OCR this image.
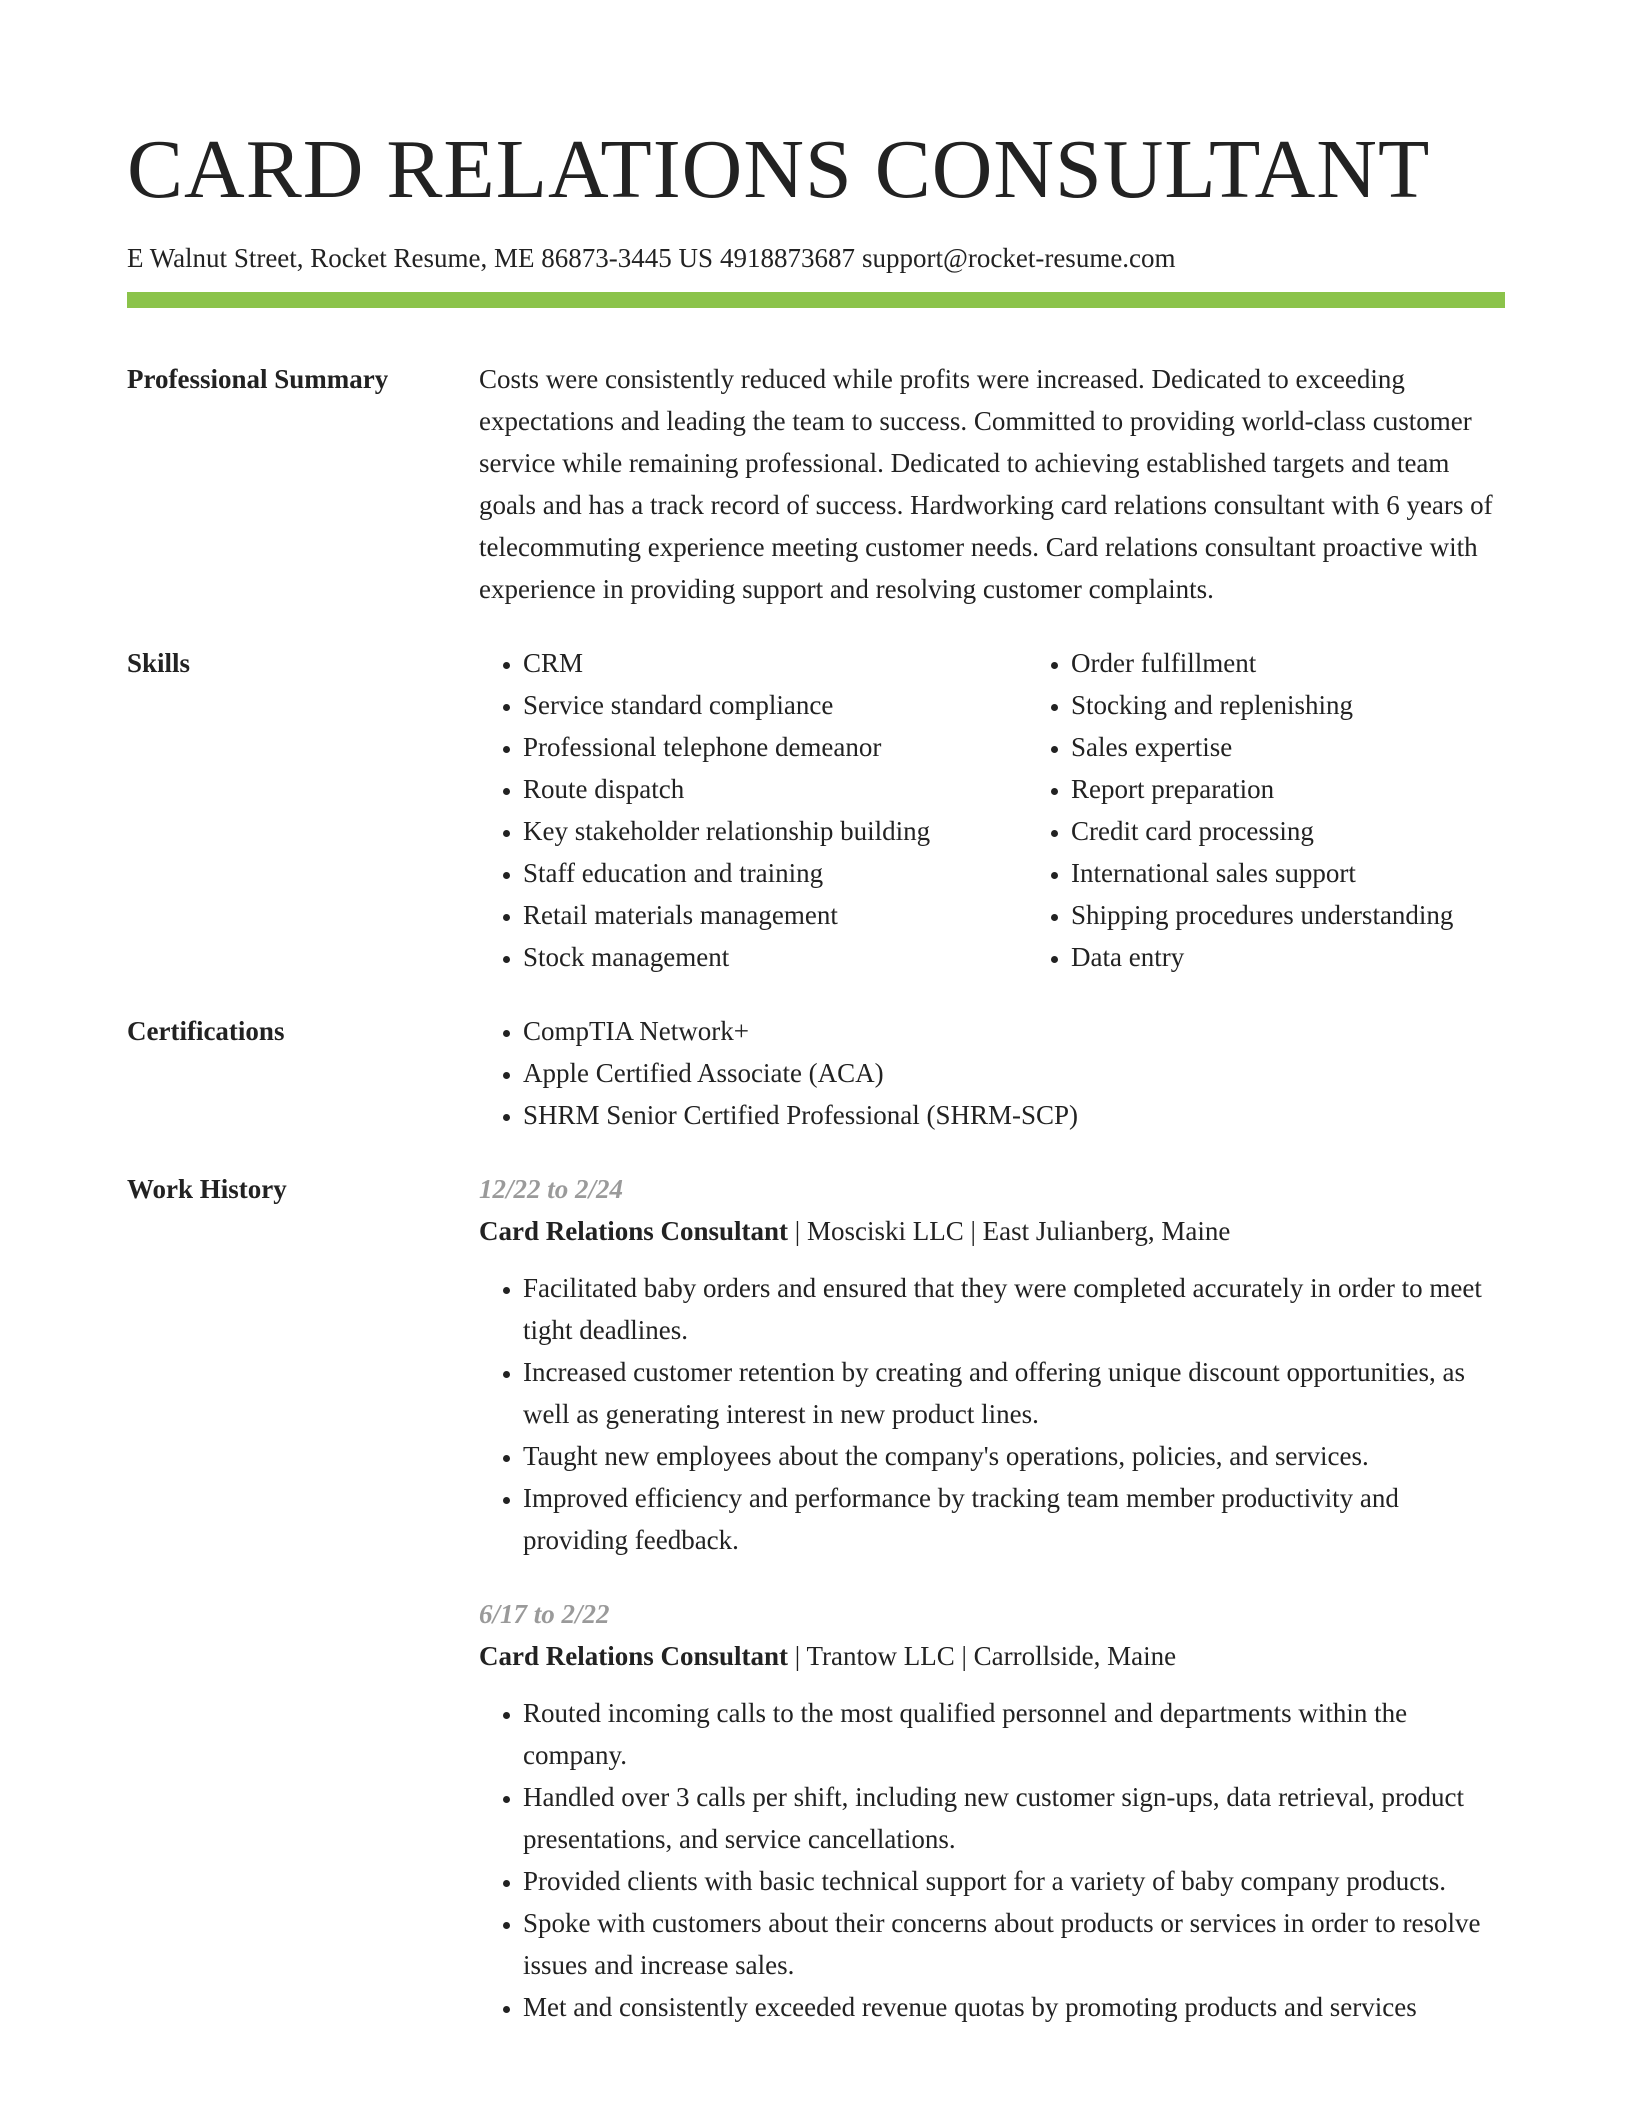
CARD RELATIONS CONSULTANT
E Walnut Street, Rocket Resume, ME 86873-3445 US 4918873687 support@rocket-resume.com
Professional Summary	Costs were consistently reduced while profits were increased. Dedicated to exceeding expectations and leading the team to success. Committed to providing world-class customer service while remaining professional. Dedicated to achieving established targets and team goals and has a track record of success. Hardworking card relations consultant with 6 years of telecommuting experience meeting customer needs. Card relations consultant proactive with experience in providing support and resolving customer complaints.
Skills	• CRM
• Service standard compliance
• Professional telephone demeanor
• Route dispatch
• Key stakeholder relationship building
• Staff education and training
• Retail materials management
• Stock management
• Order fulfillment
• Stocking and replenishing
• Sales expertise
• Report preparation
• Credit card processing
• International sales support
• Shipping procedures understanding
• Data entry
Certifications	• CompTIA Network+
• Apple Certified Associate (ACA)
• SHRM Senior Certified Professional (SHRM-SCP)
Work History	12/22 to 2/24
Card Relations Consultant | Mosciski LLC | East Julianberg, Maine
• Facilitated baby orders and ensured that they were completed accurately in order to meet tight deadlines.
• Increased customer retention by creating and offering unique discount opportunities, as well as generating interest in new product lines.
• Taught new employees about the company's operations, policies, and services.
• Improved efficiency and performance by tracking team member productivity and providing feedback.
6/17 to 2/22
Card Relations Consultant | Trantow LLC | Carrollside, Maine
• Routed incoming calls to the most qualified personnel and departments within the company.
• Handled over 3 calls per shift, including new customer sign-ups, data retrieval, product presentations, and service cancellations.
• Provided clients with basic technical support for a variety of baby company products.
• Spoke with customers about their concerns about products or services in order to resolve issues and increase sales.
• Met and consistently exceeded revenue quotas by promoting products and services
